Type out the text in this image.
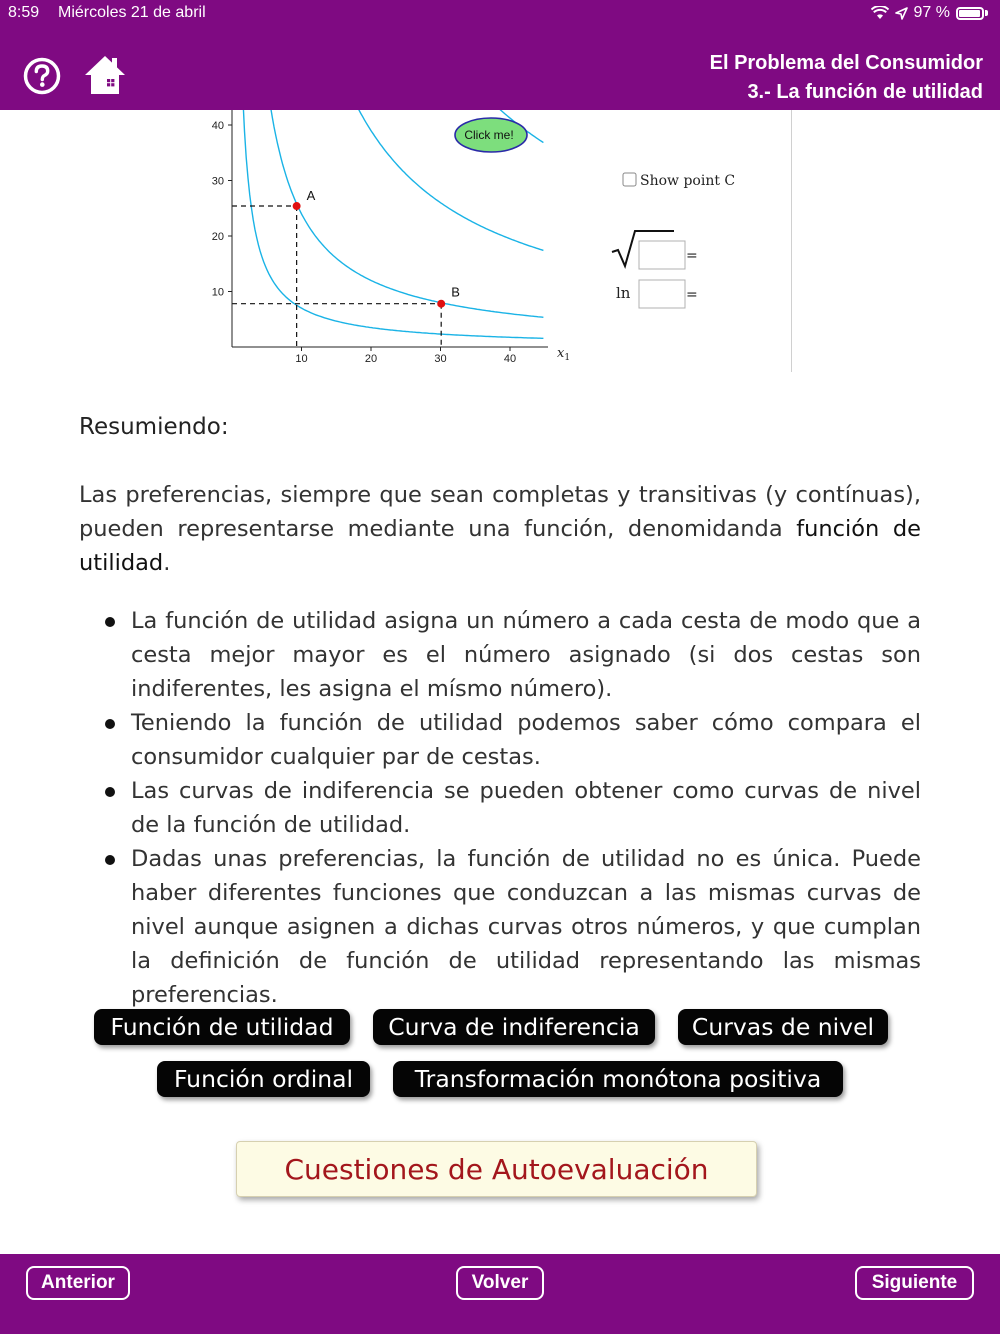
8:59 Miércoles 21 de abril	97 %
El Problema del Consumidor
3.- La función de utilidad
10	20	30	40
10
20
30
40
A
B
$x_1$
Click me!
Show point C
=
ln	=
Resumiendo:
Las preferencias, siempre que sean completas y transitivas (y contínuas), pueden representarse mediante una función, denomidanda función de utilidad.
La función de utilidad asigna un número a cada cesta de modo que a cesta mejor mayor es el número asignado (si dos cestas son indiferentes, les asigna el mísmo número).
Teniendo la función de utilidad podemos saber cómo compara el consumidor cualquier par de cestas.
Las curvas de indiferencia se pueden obtener como curvas de nivel de la función de utilidad.
Dadas unas preferencias, la función de utilidad no es única. Puede haber diferentes funciones que conduzcan a las mismas curvas de nivel aunque asignen a dichas curvas otros números, y que cumplan la definición de función de utilidad representando las mismas preferencias.
Función de utilidad	Curva de indiferencia	Curvas de nivel
Función ordinal	Transformación monótona positiva
Cuestiones de Autoevaluación
Anterior	Volver	Siguiente
